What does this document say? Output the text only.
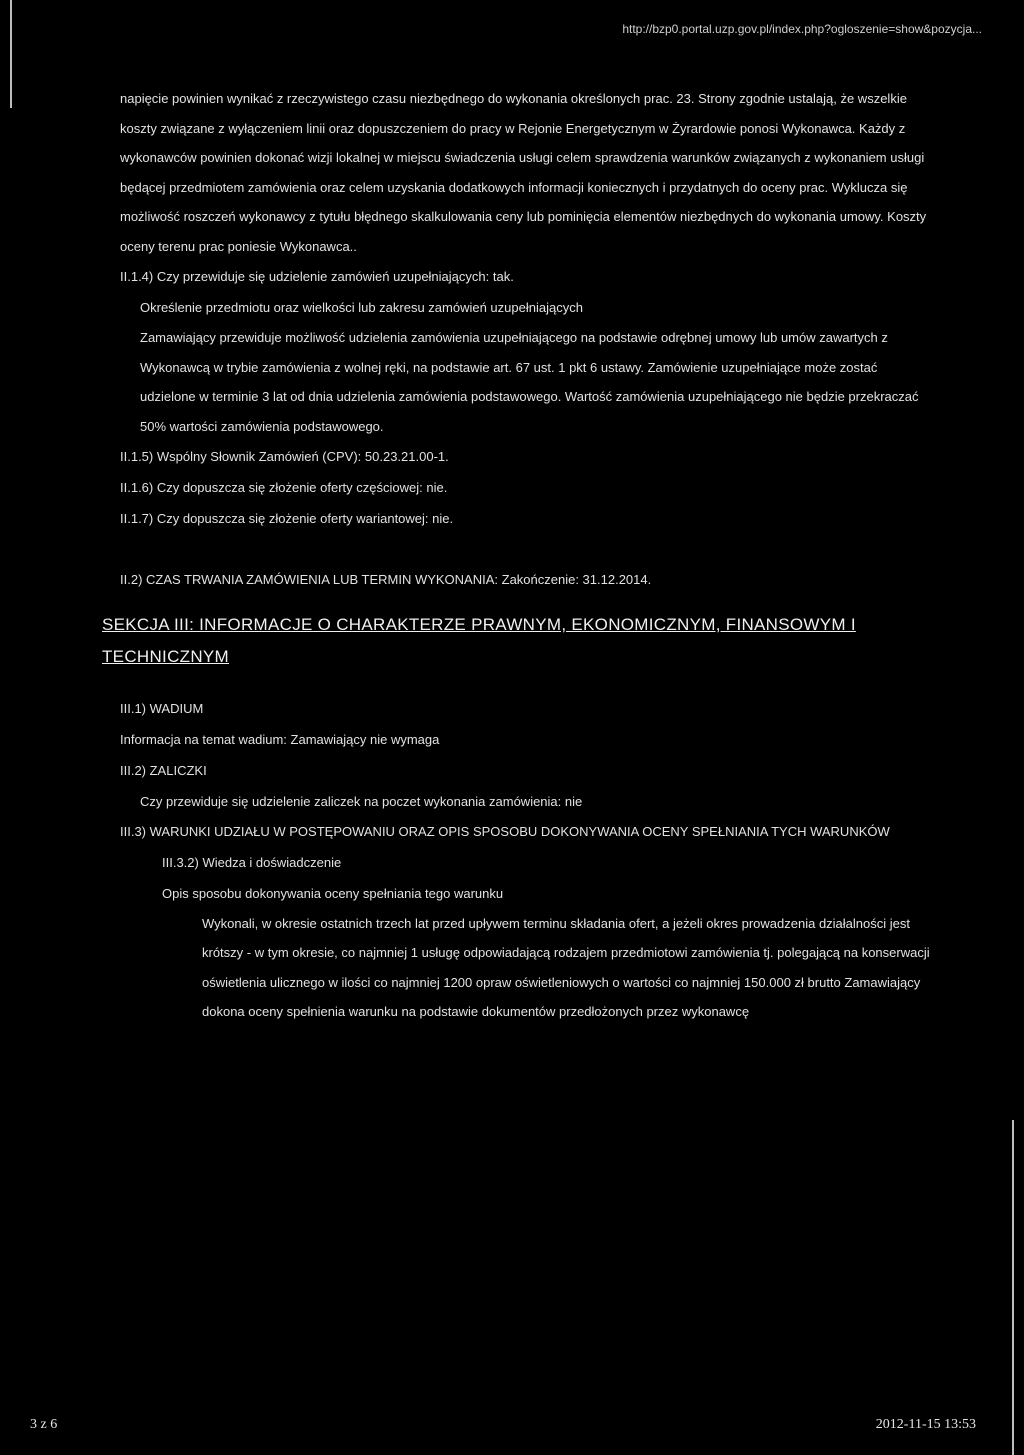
http://bzp0.portal.uzp.gov.pl/index.php?ogloszenie=show&pozycja...

napięcie powinien wynikać z rzeczywistego czasu niezbędnego do wykonania określonych prac. 23. Strony zgodnie ustalają, że wszelkie koszty związane z wyłączeniem linii oraz dopuszczeniem do pracy w Rejonie Energetycznym w Żyrardowie ponosi Wykonawca. Każdy z wykonawców powinien dokonać wizji lokalnej w miejscu świadczenia usługi celem sprawdzenia warunków związanych z wykonaniem usługi będącej przedmiotem zamówienia oraz celem uzyskania dodatkowych informacji koniecznych i przydatnych do oceny prac. Wyklucza się możliwość roszczeń wykonawcy z tytułu błędnego skalkulowania ceny lub pominięcia elementów niezbędnych do wykonania umowy. Koszty oceny terenu prac poniesie Wykonawca..

II.1.4) Czy przewiduje się udzielenie zamówień uzupełniających: tak.

Określenie przedmiotu oraz wielkości lub zakresu zamówień uzupełniających

Zamawiający przewiduje możliwość udzielenia zamówienia uzupełniającego na podstawie odrębnej umowy lub umów zawartych z Wykonawcą w trybie zamówienia z wolnej ręki, na podstawie art. 67 ust. 1 pkt 6 ustawy. Zamówienie uzupełniające może zostać udzielone w terminie 3 lat od dnia udzielenia zamówienia podstawowego. Wartość zamówienia uzupełniającego nie będzie przekraczać 50% wartości zamówienia podstawowego.

II.1.5) Wspólny Słownik Zamówień (CPV): 50.23.21.00-1.

II.1.6) Czy dopuszcza się złożenie oferty częściowej: nie.

II.1.7) Czy dopuszcza się złożenie oferty wariantowej: nie.

II.2) CZAS TRWANIA ZAMÓWIENIA LUB TERMIN WYKONANIA: Zakończenie: 31.12.2014.

SEKCJA III: INFORMACJE O CHARAKTERZE PRAWNYM, EKONOMICZNYM, FINANSOWYM I TECHNICZNYM

III.1) WADIUM

Informacja na temat wadium: Zamawiający nie wymaga

III.2) ZALICZKI

Czy przewiduje się udzielenie zaliczek na poczet wykonania zamówienia: nie

III.3) WARUNKI UDZIAŁU W POSTĘPOWANIU ORAZ OPIS SPOSOBU DOKONYWANIA OCENY SPEŁNIANIA TYCH WARUNKÓW

III.3.2) Wiedza i doświadczenie

Opis sposobu dokonywania oceny spełniania tego warunku

Wykonali, w okresie ostatnich trzech lat przed upływem terminu składania ofert, a jeżeli okres prowadzenia działalności jest krótszy - w tym okresie, co najmniej 1 usługę odpowiadającą rodzajem przedmiotowi zamówienia tj. polegającą na konserwacji oświetlenia ulicznego w ilości co najmniej 1200 opraw oświetleniowych o wartości co najmniej 150.000 zł brutto Zamawiający dokona oceny spełnienia warunku na podstawie dokumentów przedłożonych przez wykonawcę

3 z 6	2012-11-15 13:53
